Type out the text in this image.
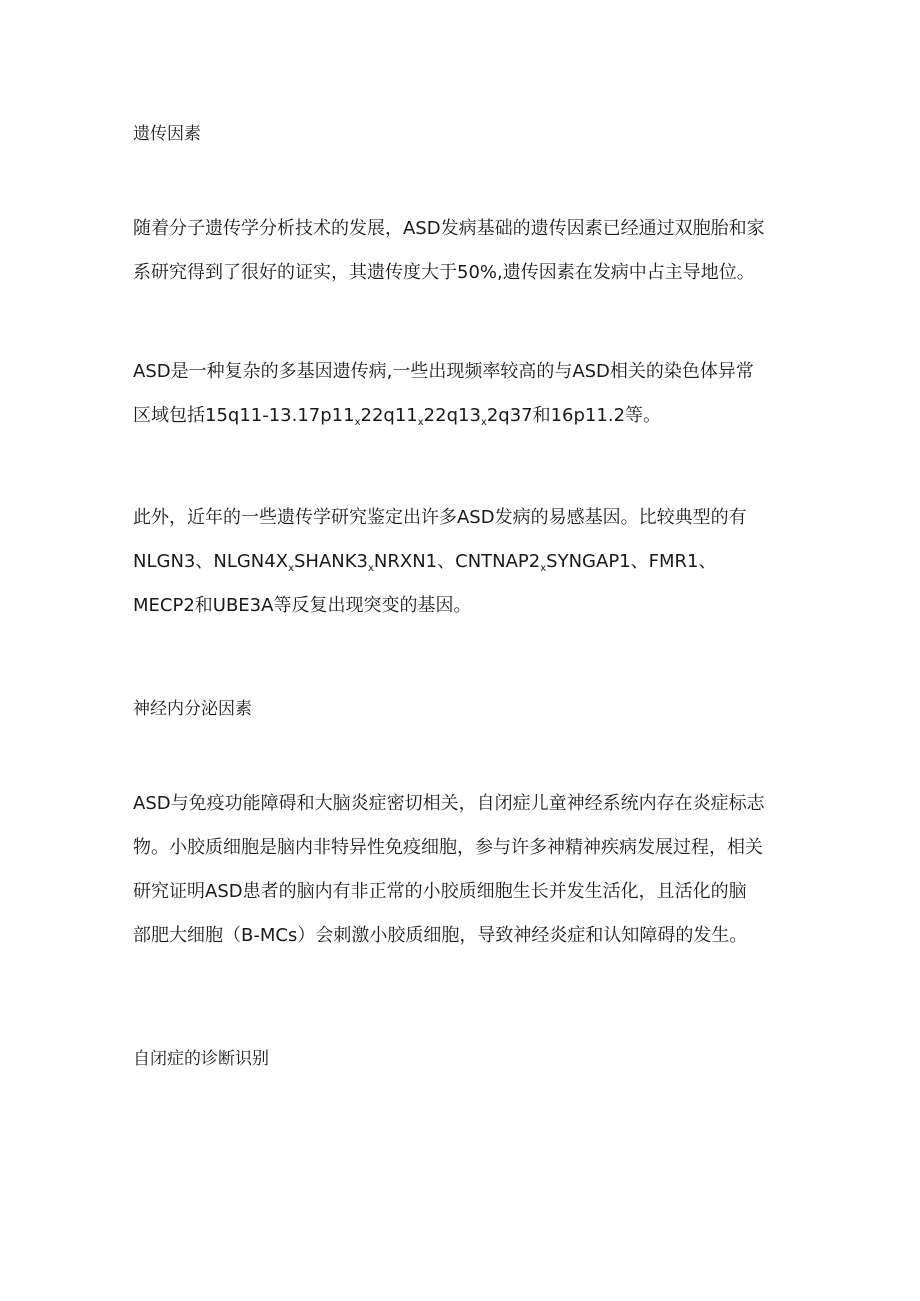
遗传因素
随着分子遗传学分析技术的发展，ASD发病基础的遗传因素已经通过双胞胎和家
系研究得到了很好的证实，其遗传度大于50%,遗传因素在发病中占主导地位。
ASD是一种复杂的多基因遗传病,一些出现频率较高的与ASD相关的染色体异常
区域包括$15q11-13.17p11_x22q11_x22q13_x2q37$和16p11.2等。
此外，近年的一些遗传学研究鉴定出许多ASD发病的易感基因。比较典型的有
NLGN3、$NLGN4X_xSHANK3_xNRXN1$、$CNTNAP2_xSYNGAP1$、FMR1、
MECP2和UBE3A等反复出现突变的基因。
神经内分泌因素
ASD与免疫功能障碍和大脑炎症密切相关，自闭症儿童神经系统内存在炎症标志
物。小胶质细胞是脑内非特异性免疫细胞，参与许多神精神疾病发展过程，相关
研究证明ASD患者的脑内有非正常的小胶质细胞生长并发生活化，且活化的脑
部肥大细胞（B-MCs）会刺激小胶质细胞，导致神经炎症和认知障碍的发生。
自闭症的诊断识别
